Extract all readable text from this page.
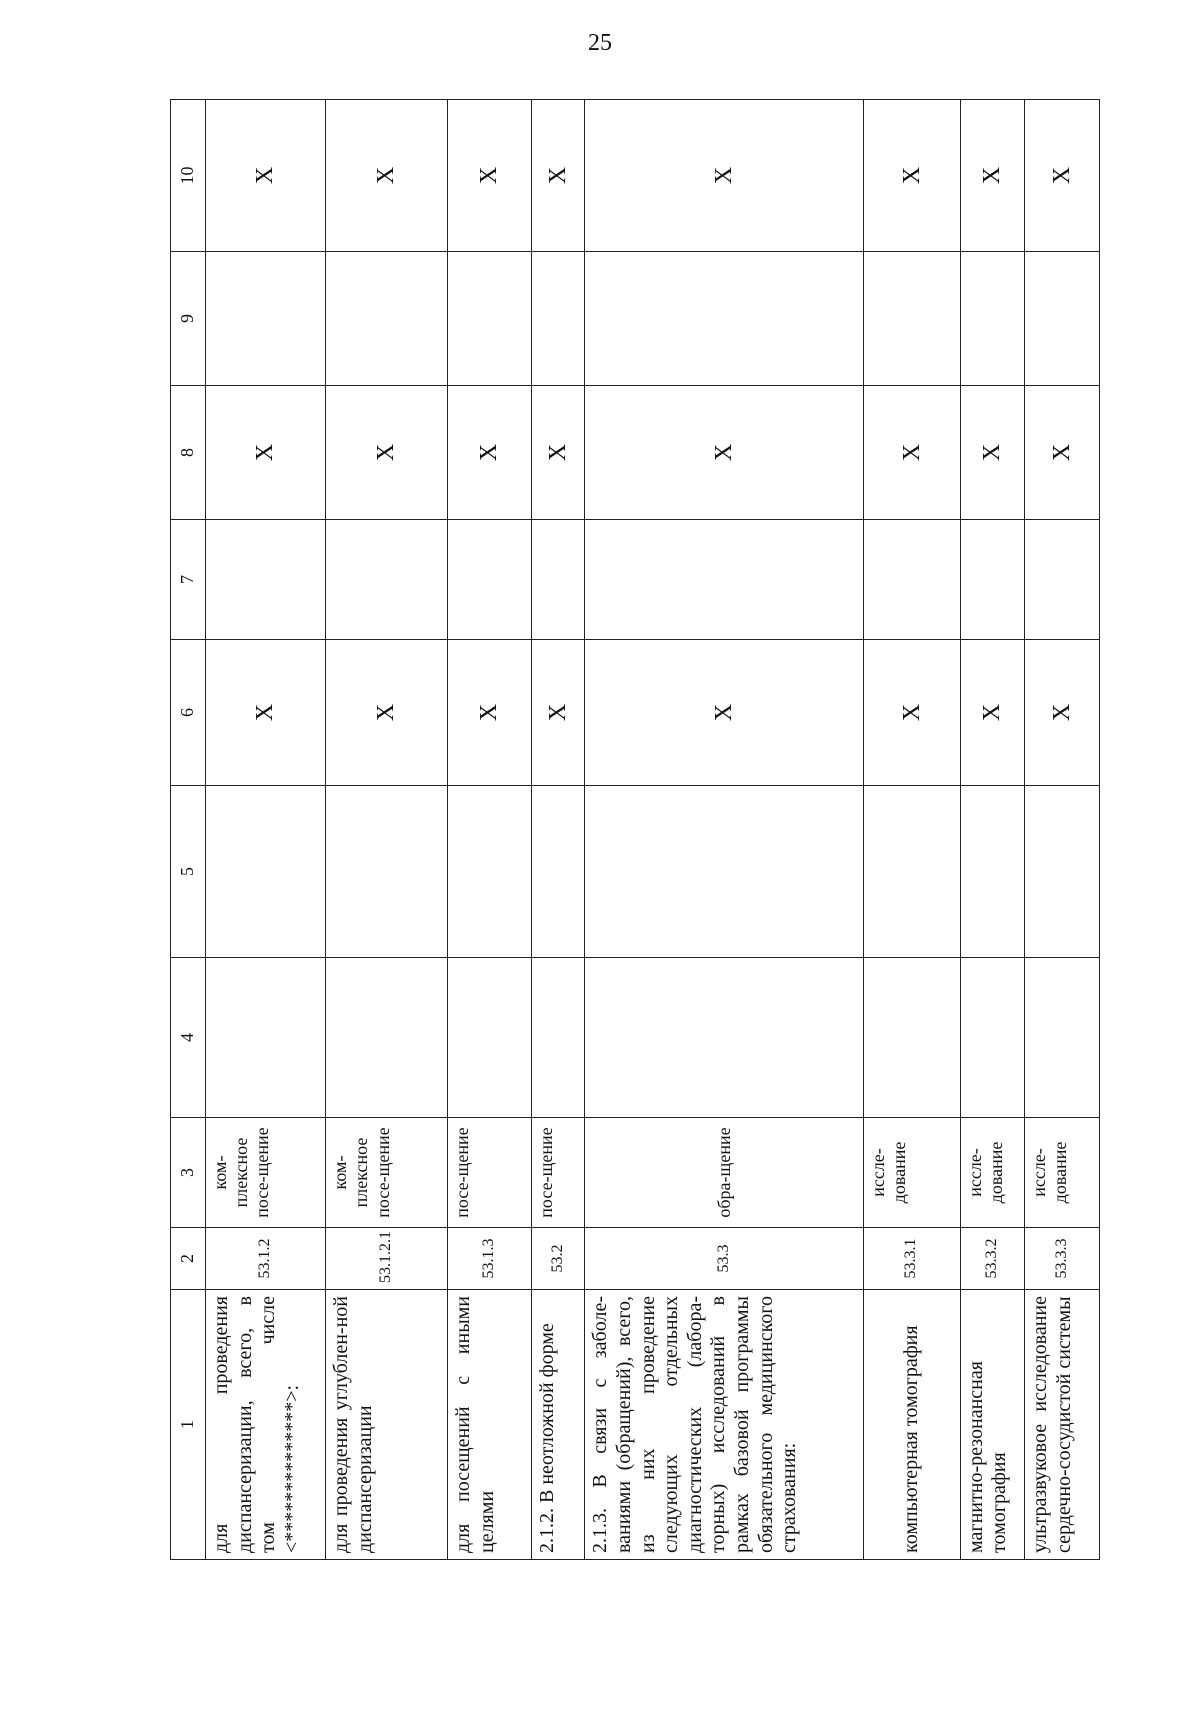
25
1	2	3	4	5	6	7	8	9	10
для проведения диспансеризации, всего, в том числе <**************>:	53.1.2	ком-плексное посе-щение			X		X		X
для проведения углублен-ной диспансеризации	53.1.2.1	ком-плексное посе-щение			X		X		X
для посещений с иными целями	53.1.3	посе-щение			X		X		X
2.1.2. В неотложной форме	53.2	посе-щение			X		X		X
2.1.3. В связи с заболе-ваниями (обращений), всего, из них проведение следующих отдельных диагностических (лабора-торных) исследований в рамках базовой программы обязательного медицинского страхования:	53.3	обра-щение			X		X		X
компьютерная томография	53.3.1	иссле-дование			X		X		X
магнитно-резонансная томография	53.3.2	иссле-дование			X		X		X
ультразвуковое исследование сердечно-сосудистой системы	53.3.3	иссле-дование			X		X		X
